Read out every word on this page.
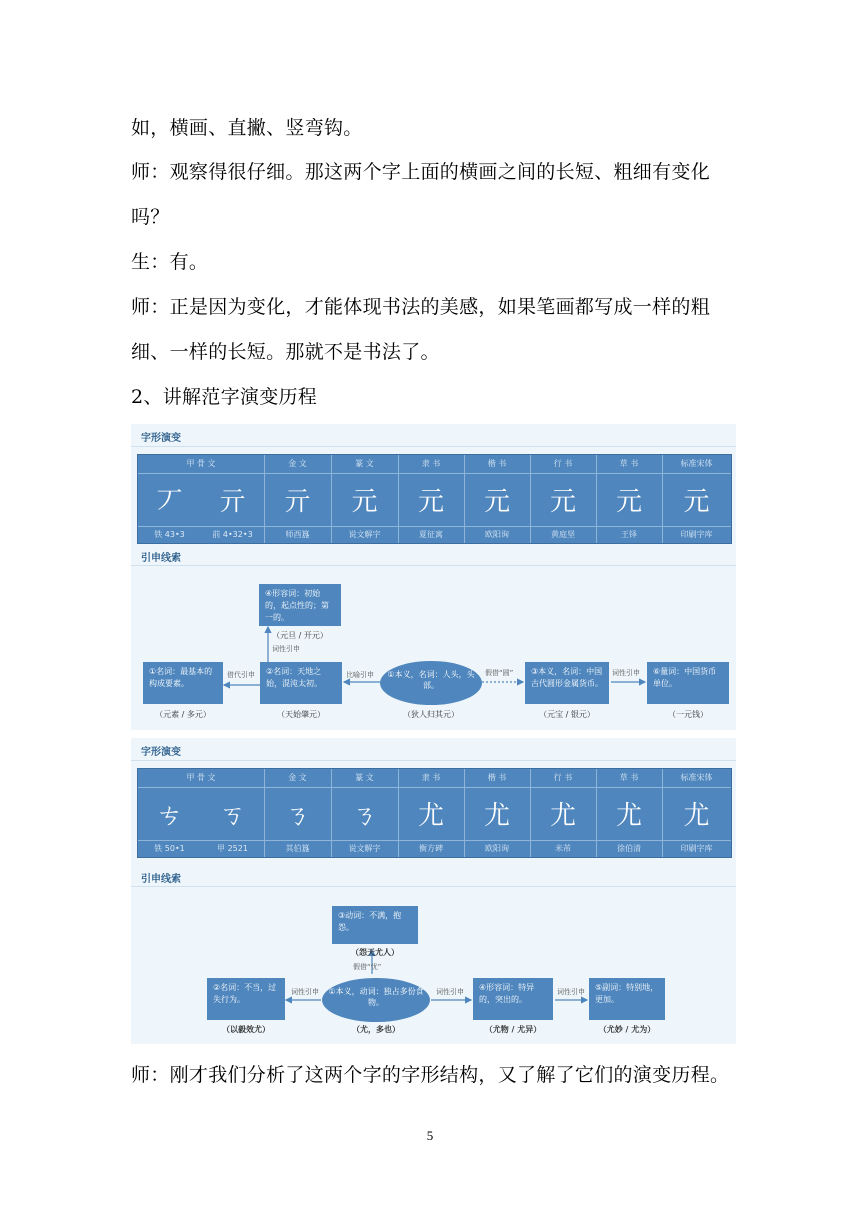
如，横画、直撇、竖弯钩。
师：观察得很仔细。那这两个字上面的横画之间的长短、粗细有变化
吗？
生：有。
师：正是因为变化，才能体现书法的美感，如果笔画都写成一样的粗
细、一样的长短。那就不是书法了。
2、讲解范字演变历程
字形演变
甲 骨 文	金 文	篆 文	隶 书	楷 书	行 书	草 书	标准宋体
丆	亓	亓	元	元	元	元	元	元
铁 43•3	前 4•32•3	师酉簋	说文解字	夏征寓	欧阳询	黄庭坚	王铎	印刷字库
引申线索
④形容词：初始的，起点性的；第一的。
（元旦 / 开元）
词性引申
①名词：最基本的构成要素。
（元素 / 多元）
借代引申	②名词：天地之始，混沌太初。
（天始肇元）
比喻引申	①本义，名词：人头，头部。
（狄人归其元）
假借“圆”	③本义，名词：中国古代圆形金属货币。
（元宝 / 银元）
词性引申	⑥量词：中国货币单位。
（一元钱）
字形演变
甲 骨 文	金 文	篆 文	隶 书	楷 书	行 书	草 书	标准宋体
ㄘ	ㄎ	ㄋ	ㄋ	尤	尤	尤	尤	尤
铁 50•1	甲 2521	其伯簋	说文解字	衡方碑	欧阳询	米芾	徐伯清	印刷字库
引申线索
③动词：不满，抱怨。
（怨天尤人）
假借“忧”
②名词：不当，过失行为。
（以毅效尤）
词性引申	①本义，动词：独占多份食物。
（尤，多也）
词性引申	④形容词：特异的，突出的。
（尤物 / 尤异）
词性引申	⑤副词：特别地，更加。
（尤妙 / 尤为）
师：刚才我们分析了这两个字的字形结构，又了解了它们的演变历程。
5
